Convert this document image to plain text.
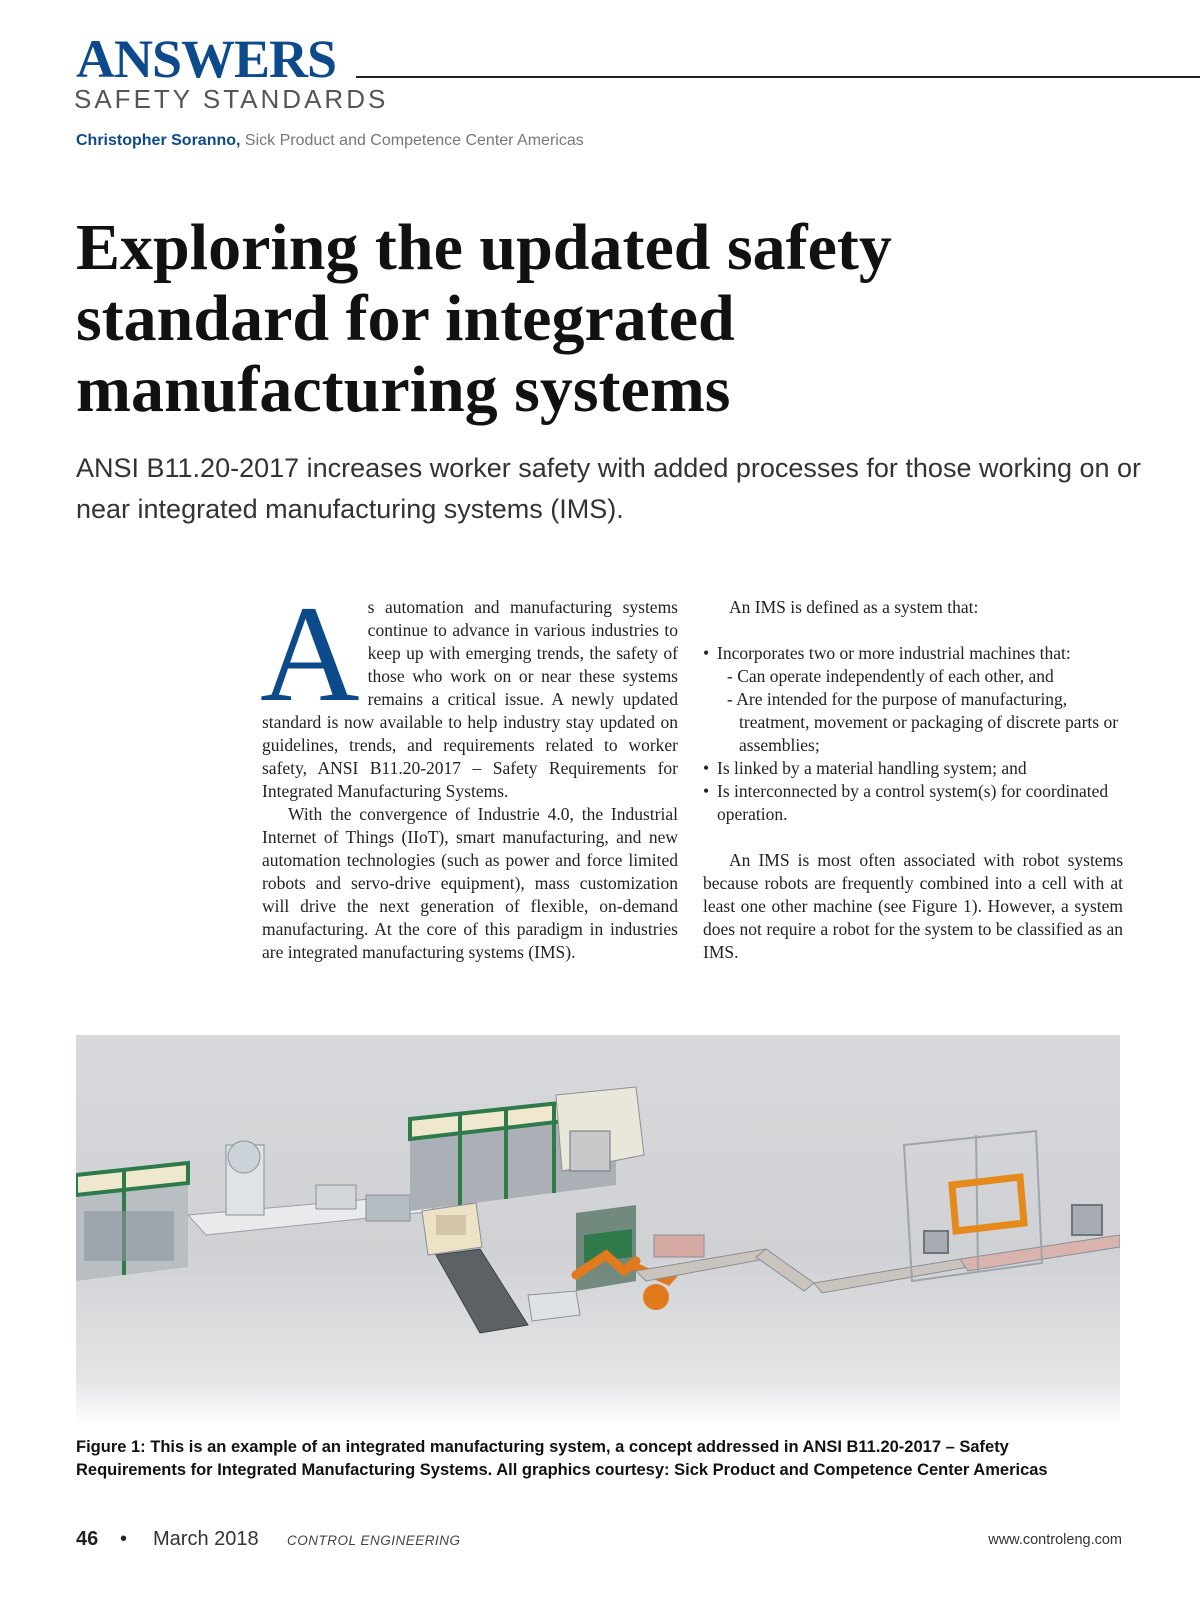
ANSWERS
SAFETY STANDARDS
Christopher Soranno, Sick Product and Competence Center Americas
Exploring the updated safety standard for integrated manufacturing systems

ANSI B11.20-2017 increases worker safety with added processes for those working on or near integrated manufacturing systems (IMS).

A s automation and manufacturing systems continue to advance in various industries to keep up with emerging trends, the safety of those who work on or near these systems remains a critical issue. A newly updated standard is now available to help industry stay updated on guidelines, trends, and requirements related to worker safety, ANSI B11.20-2017 – Safety Requirements for Integrated Manufacturing Systems.

With the convergence of Industrie 4.0, the Industrial Internet of Things (IIoT), smart manufacturing, and new automation technologies (such as power and force limited robots and servo-drive equipment), mass customization will drive the next generation of flexible, on-demand manufacturing. At the core of this paradigm in industries are integrated manufacturing systems (IMS).

An IMS is defined as a system that:

• Incorporates two or more industrial machines that:
- Can operate independently of each other, and
- Are intended for the purpose of manufacturing, treatment, movement or packaging of discrete parts or assemblies;
• Is linked by a material handling system; and
• Is interconnected by a control system(s) for coordinated operation.

An IMS is most often associated with robot systems because robots are frequently combined into a cell with at least one other machine (see Figure 1). However, a system does not require a robot for the system to be classified as an IMS.

Figure 1: This is an example of an integrated manufacturing system, a concept addressed in ANSI B11.20-2017 – Safety Requirements for Integrated Manufacturing Systems. All graphics courtesy: Sick Product and Competence Center Americas

46 • March 2018 CONTROL ENGINEERING	www.controleng.com
